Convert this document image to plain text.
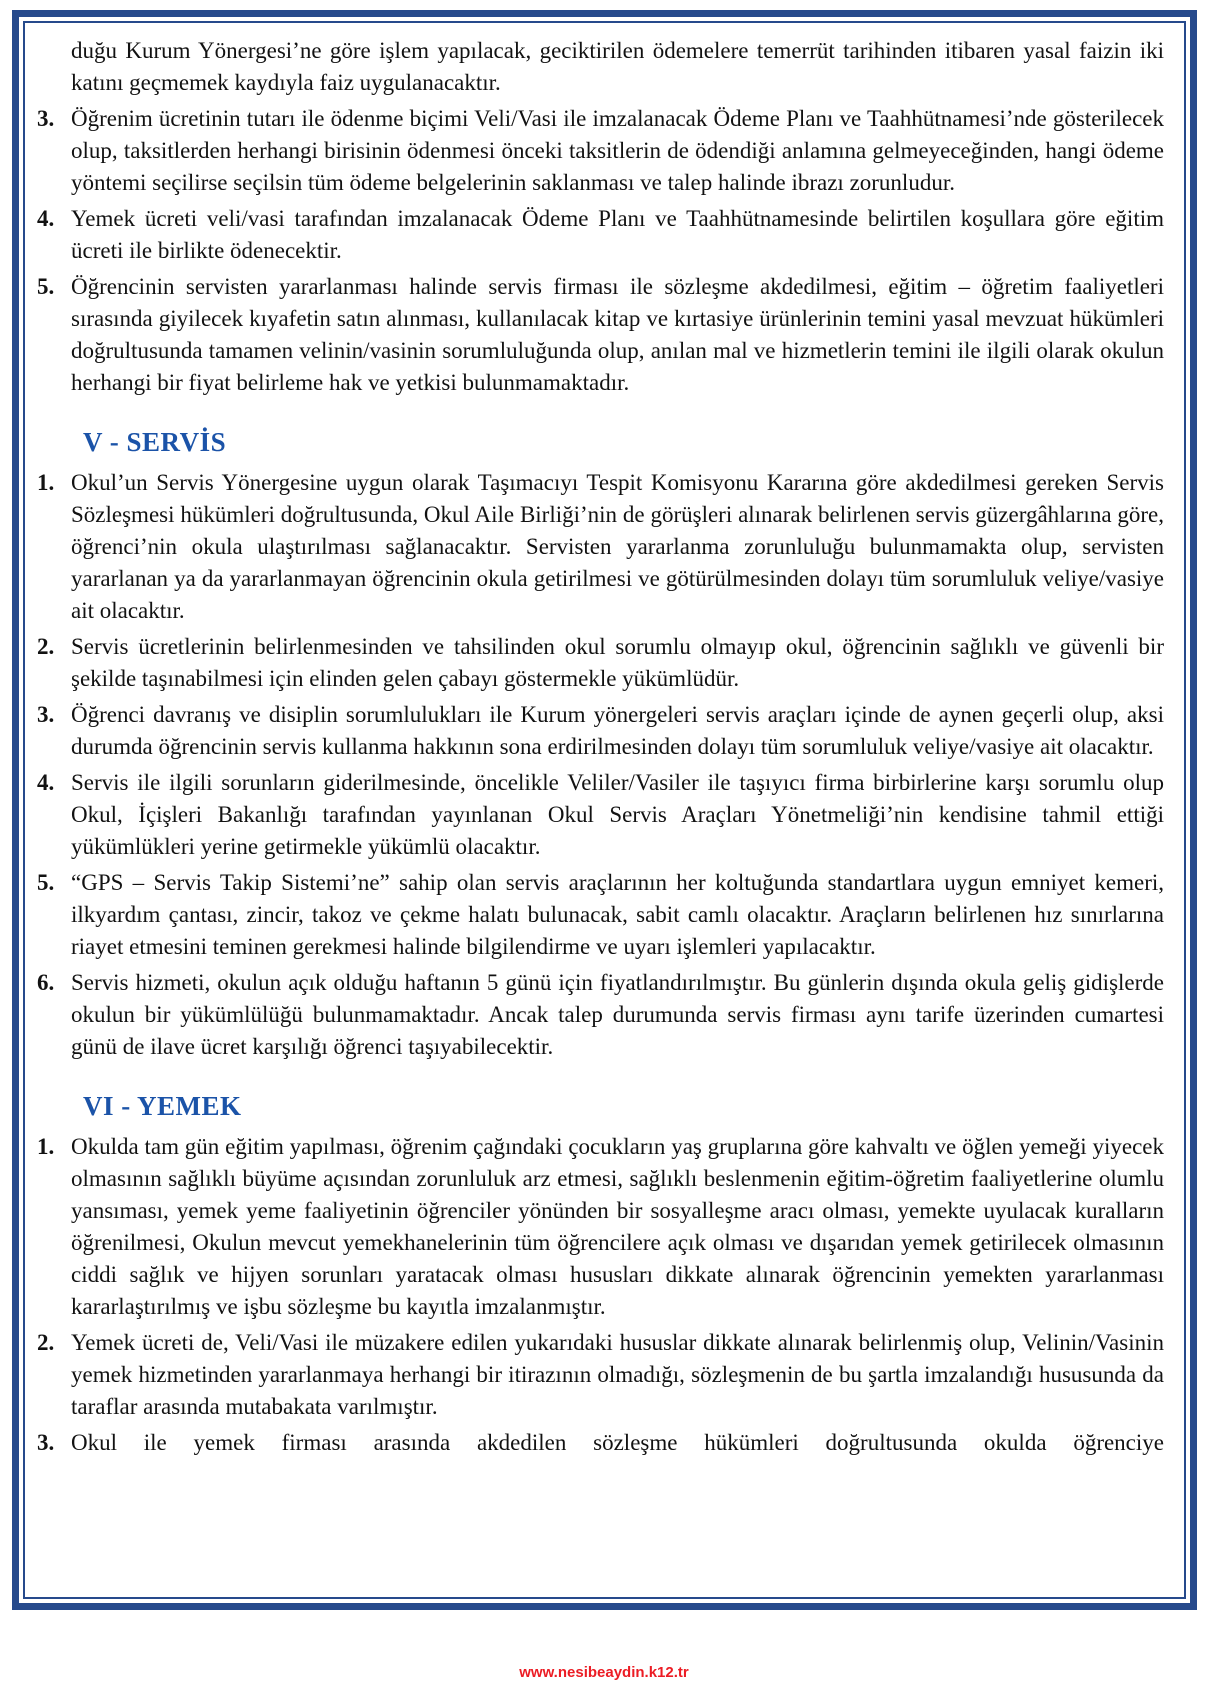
duğu Kurum Yönergesi’ne göre işlem yapılacak, geciktirilen ödemelere temerrüt tarihinden itibaren yasal faizin iki katını geçmemek kaydıyla faiz uygulanacaktır.

3. Öğrenim ücretinin tutarı ile ödenme biçimi Veli/Vasi ile imzalanacak Ödeme Planı ve Taahhütnamesi’nde gösterilecek olup, taksitlerden herhangi birisinin ödenmesi önceki taksitlerin de ödendiği anlamına gelmeyeceğinden, hangi ödeme yöntemi seçilirse seçilsin tüm ödeme belgelerinin saklanması ve talep halinde ibrazı zorunludur.
4. Yemek ücreti veli/vasi tarafından imzalanacak Ödeme Planı ve Taahhütnamesinde belirtilen koşullara göre eğitim ücreti ile birlikte ödenecektir.
5. Öğrencinin servisten yararlanması halinde servis firması ile sözleşme akdedilmesi, eğitim – öğretim faaliyetleri sırasında giyilecek kıyafetin satın alınması, kullanılacak kitap ve kırtasiye ürünlerinin temini yasal mevzuat hükümleri doğrultusunda tamamen velinin/vasinin sorumluluğunda olup, anılan mal ve hizmetlerin temini ile ilgili olarak okulun herhangi bir fiyat belirleme hak ve yetkisi bulunmamaktadır.
V - SERVİS
1. Okul’un Servis Yönergesine uygun olarak Taşımacıyı Tespit Komisyonu Kararına göre akdedilmesi gereken Servis Sözleşmesi hükümleri doğrultusunda, Okul Aile Birliği’nin de görüşleri alınarak belirlenen servis güzergâhlarına göre, öğrenci’nin okula ulaştırılması sağlanacaktır. Servisten yararlanma zorunluluğu bulunmamakta olup, servisten yararlanan ya da yararlanmayan öğrencinin okula getirilmesi ve götürülmesinden dolayı tüm sorumluluk veliye/vasiye ait olacaktır.
2. Servis ücretlerinin belirlenmesinden ve tahsilinden okul sorumlu olmayıp okul, öğrencinin sağlıklı ve güvenli bir şekilde taşınabilmesi için elinden gelen çabayı göstermekle yükümlüdür.
3. Öğrenci davranış ve disiplin sorumlulukları ile Kurum yönergeleri servis araçları içinde de aynen geçerli olup, aksi durumda öğrencinin servis kullanma hakkının sona erdirilmesinden dolayı tüm sorumluluk veliye/vasiye ait olacaktır.
4. Servis ile ilgili sorunların giderilmesinde, öncelikle Veliler/Vasiler ile taşıyıcı firma birbirlerine karşı sorumlu olup Okul, İçişleri Bakanlığı tarafından yayınlanan Okul Servis Araçları Yönetmeliği’nin kendisine tahmil ettiği yükümlükleri yerine getirmekle yükümlü olacaktır.
5. “GPS – Servis Takip Sistemi’ne” sahip olan servis araçlarının her koltuğunda standartlara uygun emniyet kemeri, ilkyardım çantası, zincir, takoz ve çekme halatı bulunacak, sabit camlı olacaktır. Araçların belirlenen hız sınırlarına riayet etmesini teminen gerekmesi halinde bilgilendirme ve uyarı işlemleri yapılacaktır.
6. Servis hizmeti, okulun açık olduğu haftanın 5 günü için fiyatlandırılmıştır. Bu günlerin dışında okula geliş gidişlerde okulun bir yükümlülüğü bulunmamaktadır. Ancak talep durumunda servis firması aynı tarife üzerinden cumartesi günü de ilave ücret karşılığı öğrenci taşıyabilecektir.
VI - YEMEK
1. Okulda tam gün eğitim yapılması, öğrenim çağındaki çocukların yaş gruplarına göre kahvaltı ve öğlen yemeği yiyecek olmasının sağlıklı büyüme açısından zorunluluk arz etmesi, sağlıklı beslenmenin eğitim-öğretim faaliyetlerine olumlu yansıması, yemek yeme faaliyetinin öğrenciler yönünden bir sosyalleşme aracı olması, yemekte uyulacak kuralların öğrenilmesi, Okulun mevcut yemekhanelerinin tüm öğrencilere açık olması ve dışarıdan yemek getirilecek olmasının ciddi sağlık ve hijyen sorunları yaratacak olması hususları dikkate alınarak öğrencinin yemekten yararlanması kararlaştırılmış ve işbu sözleşme bu kayıtla imzalanmıştır.
2. Yemek ücreti de, Veli/Vasi ile müzakere edilen yukarıdaki hususlar dikkate alınarak belirlenmiş olup, Velinin/Vasinin yemek hizmetinden yararlanmaya herhangi bir itirazının olmadığı, sözleşmenin de bu şartla imzalandığı hususunda da taraflar arasında mutabakata varılmıştır.
3. Okul ile yemek firması arasında akdedilen sözleşme hükümleri doğrultusunda okulda öğrenciye
www.nesibeaydin.k12.tr
